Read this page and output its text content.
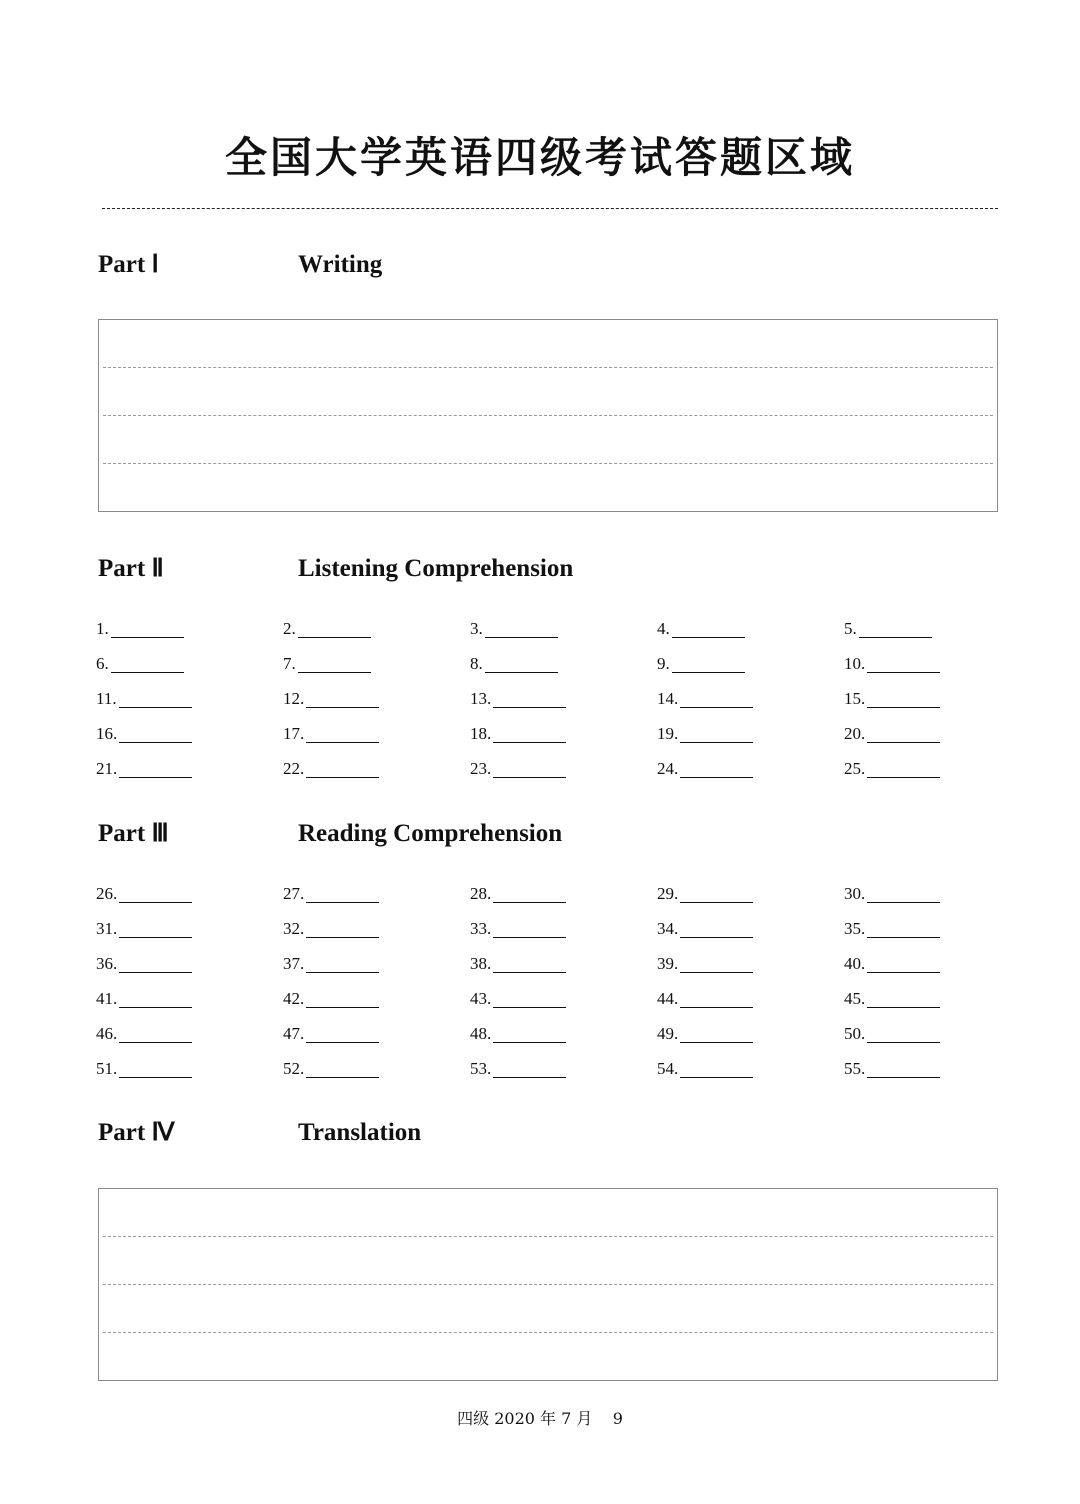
全国大学英语四级考试答题区域
Part Ⅰ	Writing
Part Ⅱ	Listening Comprehension
1.	2.	3.	4.	5.
6.	7.	8.	9.	10.
11.	12.	13.	14.	15.
16.	17.	18.	19.	20.
21.	22.	23.	24.	25.
Part Ⅲ	Reading Comprehension
26.	27.	28.	29.	30.
31.	32.	33.	34.	35.
36.	37.	38.	39.	40.
41.	42.	43.	44.	45.
46.	47.	48.	49.	50.
51.	52.	53.	54.	55.
Part Ⅳ	Translation
四级 2020 年 7 月 9
